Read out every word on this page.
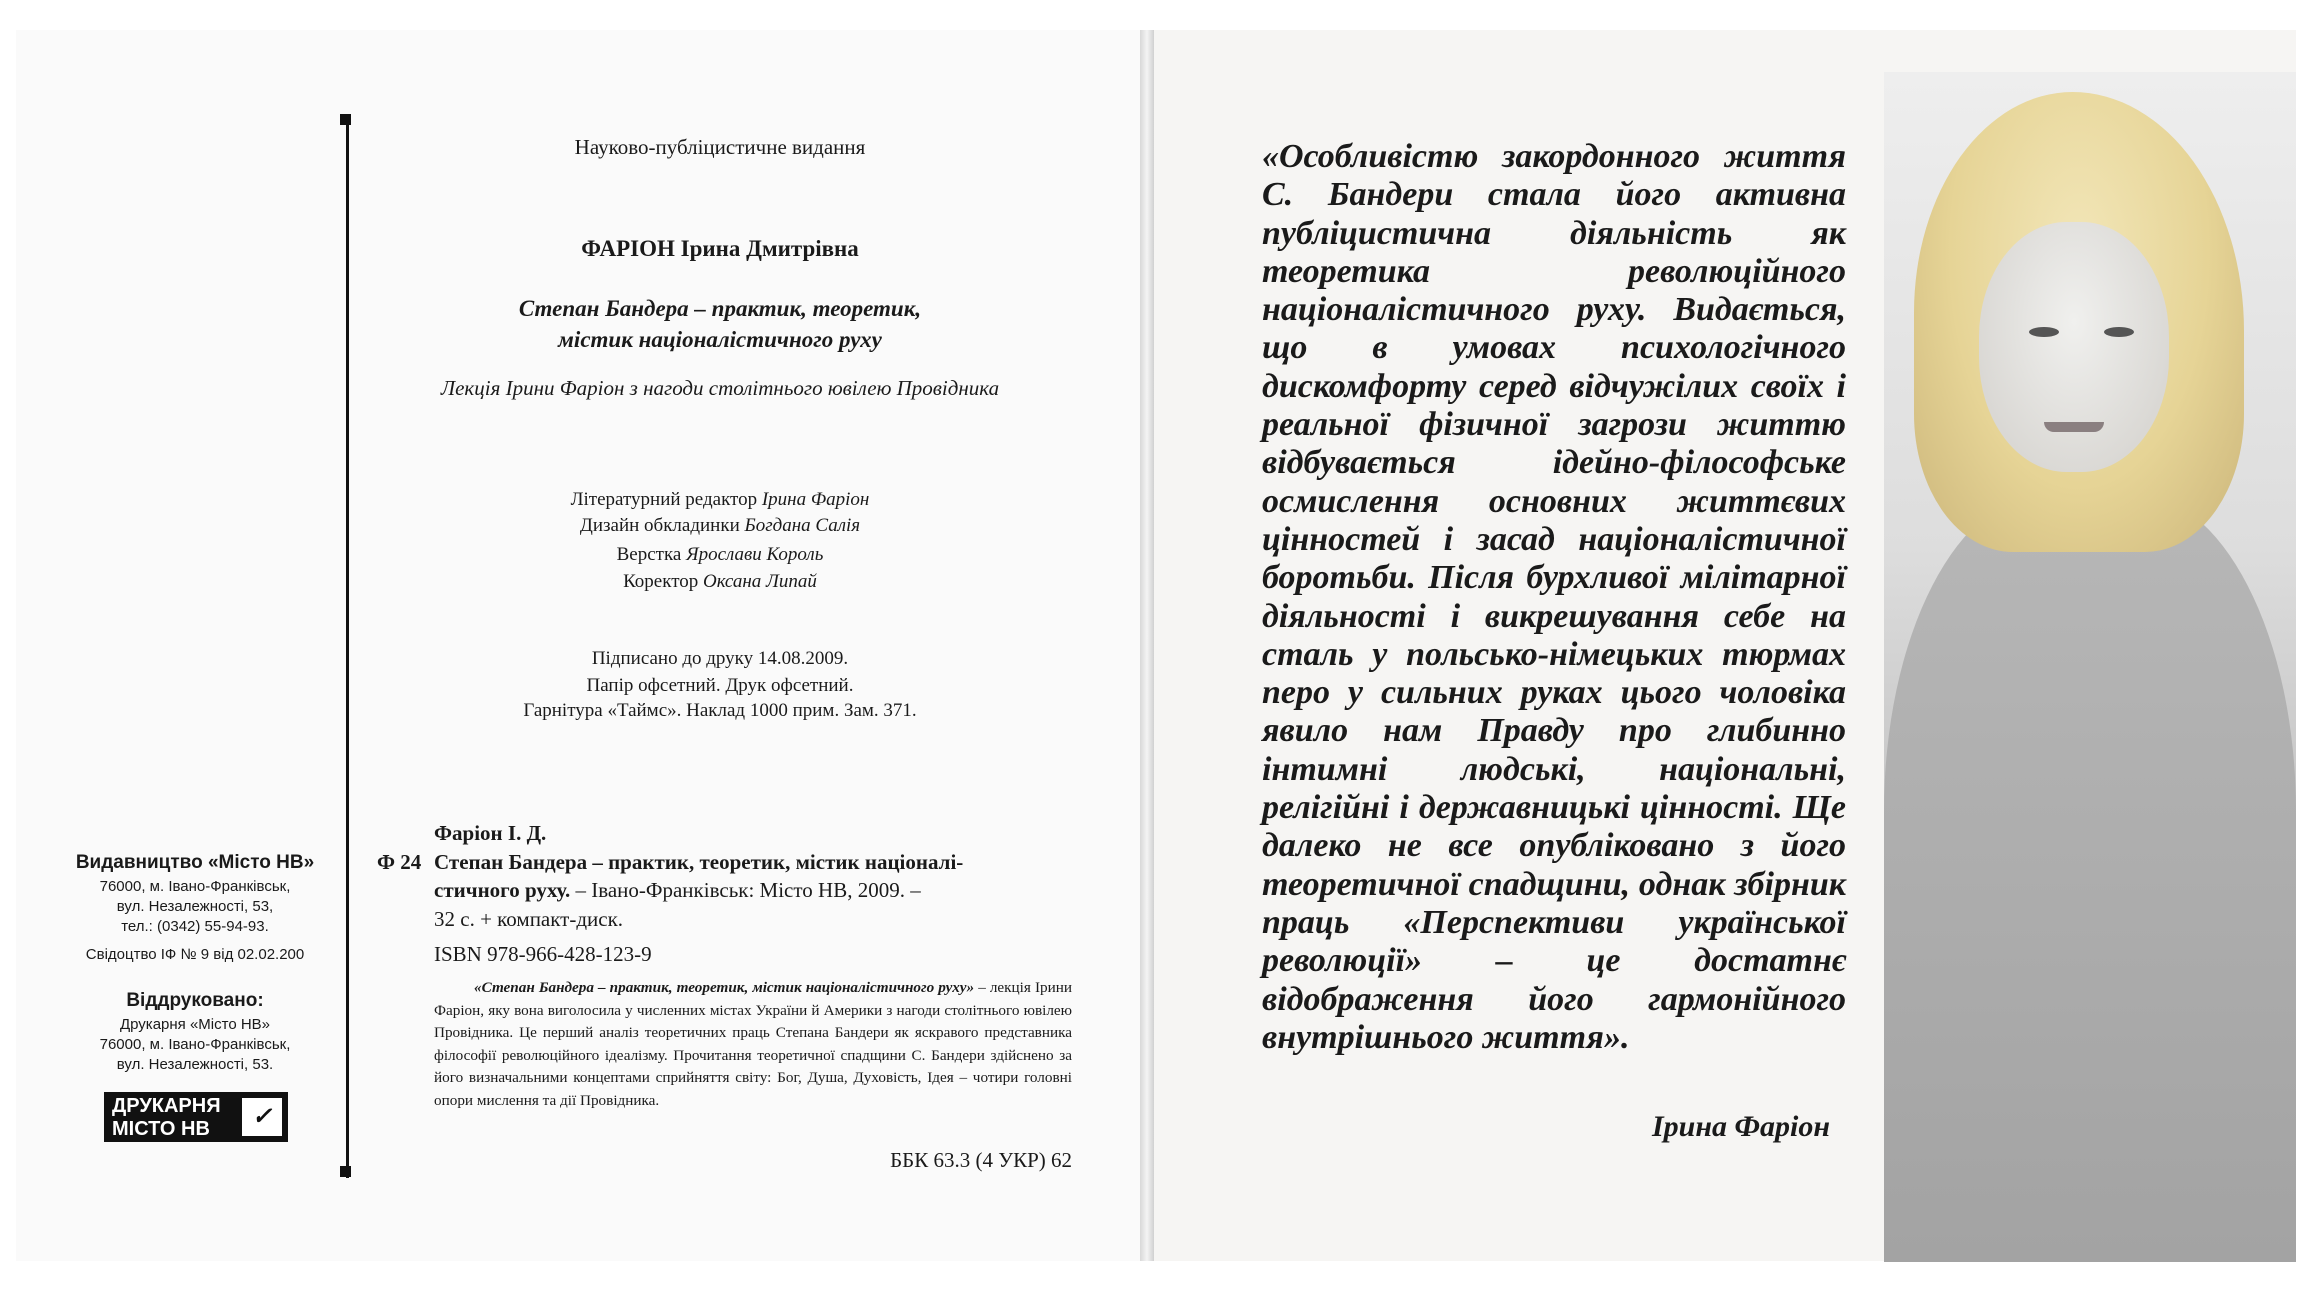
Видавництво «Місто НВ»
76000, м. Івано-Франківськ,
вул. Незалежності, 53,
тел.: (0342) 55-94-93.
Свідоцтво ІФ № 9 від 02.02.200
Віддруковано:
Друкарня «Місто НВ»
76000, м. Івано-Франківськ,
вул. Незалежності, 53.
ДРУКАРНЯ
МІСТО НВ	✓
Науково-публіцистичне видання
ФАРІОН Ірина Дмитрівна
Степан Бандера – практик, теоретик,
містик націоналістичного руху
Лекція Ірини Фаріон з нагоди столітнього ювілею Провідника
Літературний редактор Ірина Фаріон
Дизайн обкладинки Богдана Салія
Верстка Ярослави Король
Коректор Оксана Липай
Підписано до друку 14.08.2009.
Папір офсетний. Друк офсетний.
Гарнітура «Таймс». Наклад 1000 прим. Зам. 371.
Фаріон І. Д.
Ф 24 Степан Бандера – практик, теоретик, містик націоналі-
стичного руху. – Івано-Франківськ: Місто НВ, 2009. –
32 с. + компакт-диск.
ISBN 978-966-428-123-9
«Степан Бандера – практик, теоретик, містик націоналістичного руху» – лекція Ірини Фаріон, яку вона виголосила у численних містах України й Америки з нагоди столітнього ювілею Провідника. Це перший аналіз теоретичних праць Степана Бандери як яскравого представника філософії революційного ідеалізму. Прочитання теоретичної спадщини С. Бандери здійснено за його визначальними концептами сприйняття світу: Бог, Душа, Духовість, Ідея – чотири головні опори мислення та дії Провідника.
ББК 63.3 (4 УКР) 62

«Особливістю закордонного життя С. Бандери стала його активна публіцистична діяльність як теоретика революційного націоналістичного руху. Видається, що в умовах психологічного дискомфорту серед відчужілих своїх і реальної фізичної загрози життю відбувається ідейно-філософське осмислення основних життєвих цінностей і засад націоналістичної боротьби. Після бурхливої мілітарної діяльності і викрешування себе на сталь у польсько-німецьких тюрмах перо у сильних руках цього чоловіка явило нам Правду про глибинно інтимні людські, національні, релігійні і державницькі цінності. Ще далеко не все опубліковано з його теоретичної спадщини, однак збірник праць «Перспективи української революції» – це достатнє відображення його гармонійного внутрішнього життя».

Ірина Фаріон
